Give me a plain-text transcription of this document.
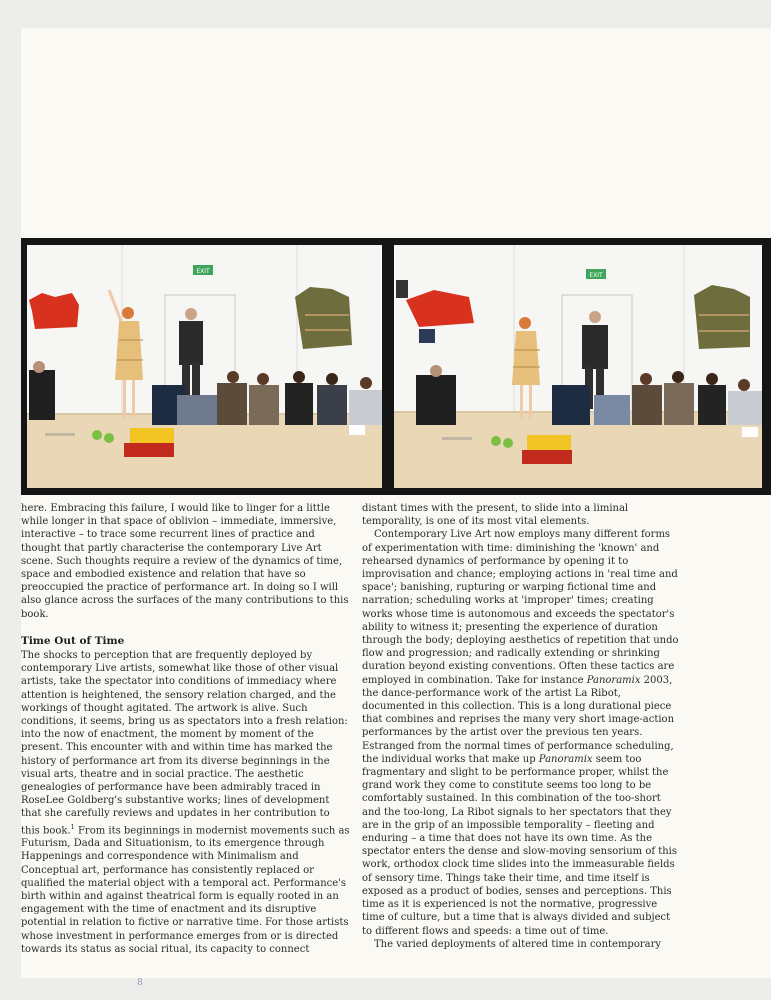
EXIT
EXIT

here. Embracing this failure, I would like to linger for a little while longer in that space of oblivion – immediate, immersive, interactive – to trace some recurrent lines of practice and thought that partly characterise the contemporary Live Art scene. Such thoughts require a review of the dynamics of time, space and embodied existence and relation that have so preoccupied the practice of performance art. In doing so I will also glance across the surfaces of the many contributions to this book.

Time Out of Time

The shocks to perception that are frequently deployed by contemporary Live artists, somewhat like those of other visual artists, take the spectator into conditions of immediacy where attention is heightened, the sensory relation charged, and the workings of thought agitated. The artwork is alive. Such conditions, it seems, bring us as spectators into a fresh relation: into the now of enactment, the moment by moment of the present. This encounter with and within time has marked the history of performance art from its diverse beginnings in the visual arts, theatre and in social practice. The aesthetic genealogies of performance have been admirably traced in RoseLee Goldberg's substantive works; lines of development that she carefully reviews and updates in her contribution to this book.$^1$ From its beginnings in modernist movements such as Futurism, Dada and Situationism, to its emergence through Happenings and correspondence with Minimalism and Conceptual art, performance has consistently replaced or qualified the material object with a temporal act. Performance's birth within and against theatrical form is equally rooted in an engagement with the time of enactment and its disruptive potential in relation to fictive or narrative time. For those artists whose investment in performance emerges from or is directed towards its status as social ritual, its capacity to connect

distant times with the present, to slide into a liminal temporality, is one of its most vital elements.

Contemporary Live Art now employs many different forms of experimentation with time: diminishing the 'known' and rehearsed dynamics of performance by opening it to improvisation and chance; employing actions in 'real time and space'; banishing, rupturing or warping fictional time and narration; scheduling works at 'improper' times; creating works whose time is autonomous and exceeds the spectator's ability to witness it; presenting the experience of duration through the body; deploying aesthetics of repetition that undo flow and progression; and radically extending or shrinking duration beyond existing conventions. Often these tactics are employed in combination. Take for instance Panoramix 2003, the dance-performance work of the artist La Ribot, documented in this collection. This is a long durational piece that combines and reprises the many very short image-action performances by the artist over the previous ten years. Estranged from the normal times of performance scheduling, the individual works that make up Panoramix seem too fragmentary and slight to be performance proper, whilst the grand work they come to constitute seems too long to be comfortably sustained. In this combination of the too-short and the too-long, La Ribot signals to her spectators that they are in the grip of an impossible temporality – fleeting and enduring – a time that does not have its own time. As the spectator enters the dense and slow-moving sensorium of this work, orthodox clock time slides into the immeasurable fields of sensory time. Things take their time, and time itself is exposed as a product of bodies, senses and perceptions. This time as it is experienced is not the normative, progressive time of culture, but a time that is always divided and subject to different flows and speeds: a time out of time.

The varied deployments of altered time in contemporary

8
